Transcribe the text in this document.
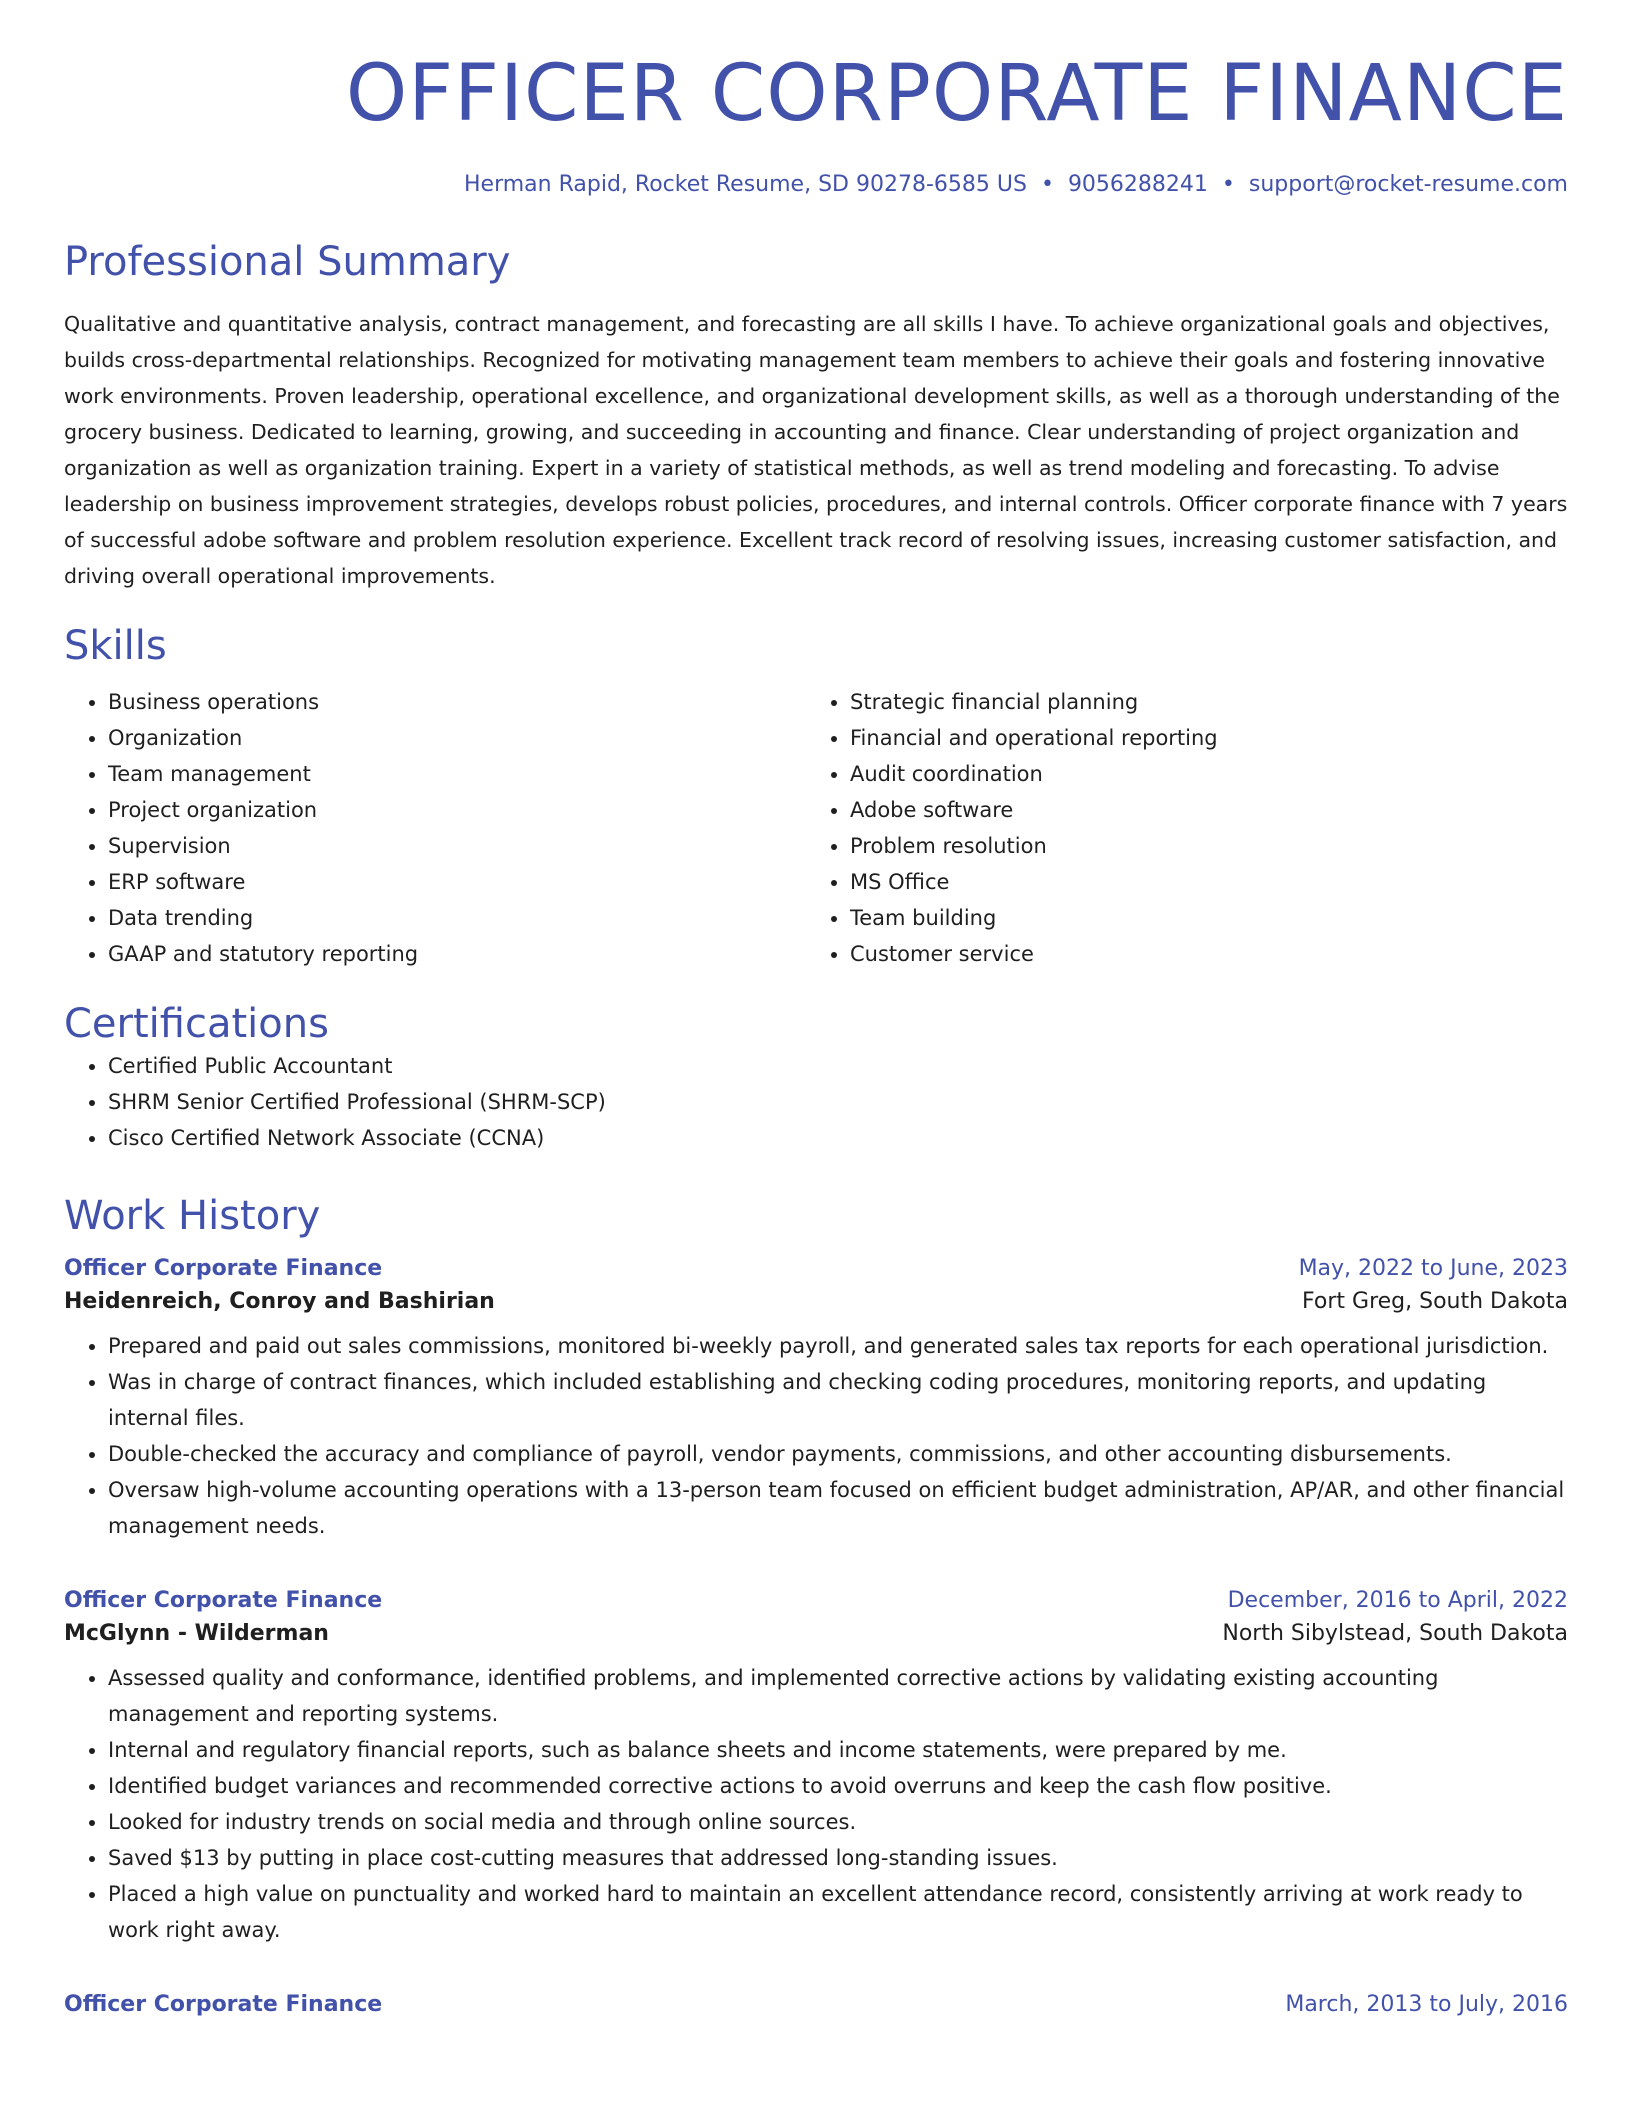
OFFICER CORPORATE FINANCE
Herman Rapid, Rocket Resume, SD 90278-6585 US • 9056288241 • support@rocket-resume.com
Professional Summary

Qualitative and quantitative analysis, contract management, and forecasting are all skills I have. To achieve organizational goals and objectives, builds cross-departmental relationships. Recognized for motivating management team members to achieve their goals and fostering innovative work environments. Proven leadership, operational excellence, and organizational development skills, as well as a thorough understanding of the grocery business. Dedicated to learning, growing, and succeeding in accounting and finance. Clear understanding of project organization and organization as well as organization training. Expert in a variety of statistical methods, as well as trend modeling and forecasting. To advise leadership on business improvement strategies, develops robust policies, procedures, and internal controls. Officer corporate finance with 7 years of successful adobe software and problem resolution experience. Excellent track record of resolving issues, increasing customer satisfaction, and driving overall operational improvements.

Skills
• Business operations
• Organization
• Team management
• Project organization
• Supervision
• ERP software
• Data trending
• GAAP and statutory reporting
• Strategic financial planning
• Financial and operational reporting
• Audit coordination
• Adobe software
• Problem resolution
• MS Office
• Team building
• Customer service
Certifications
• Certified Public Accountant
• SHRM Senior Certified Professional (SHRM-SCP)
• Cisco Certified Network Associate (CCNA)
Work History
Officer Corporate Finance	May, 2022 to June, 2023
Heidenreich, Conroy and Bashirian	Fort Greg, South Dakota
• Prepared and paid out sales commissions, monitored bi-weekly payroll, and generated sales tax reports for each operational jurisdiction.
• Was in charge of contract finances, which included establishing and checking coding procedures, monitoring reports, and updating internal files.
• Double-checked the accuracy and compliance of payroll, vendor payments, commissions, and other accounting disbursements.
• Oversaw high-volume accounting operations with a 13-person team focused on efficient budget administration, AP/AR, and other financial management needs.
Officer Corporate Finance	December, 2016 to April, 2022
McGlynn - Wilderman	North Sibylstead, South Dakota
• Assessed quality and conformance, identified problems, and implemented corrective actions by validating existing accounting management and reporting systems.
• Internal and regulatory financial reports, such as balance sheets and income statements, were prepared by me.
• Identified budget variances and recommended corrective actions to avoid overruns and keep the cash flow positive.
• Looked for industry trends on social media and through online sources.
• Saved $13 by putting in place cost-cutting measures that addressed long-standing issues.
• Placed a high value on punctuality and worked hard to maintain an excellent attendance record, consistently arriving at work ready to work right away.
Officer Corporate Finance	March, 2013 to July, 2016
